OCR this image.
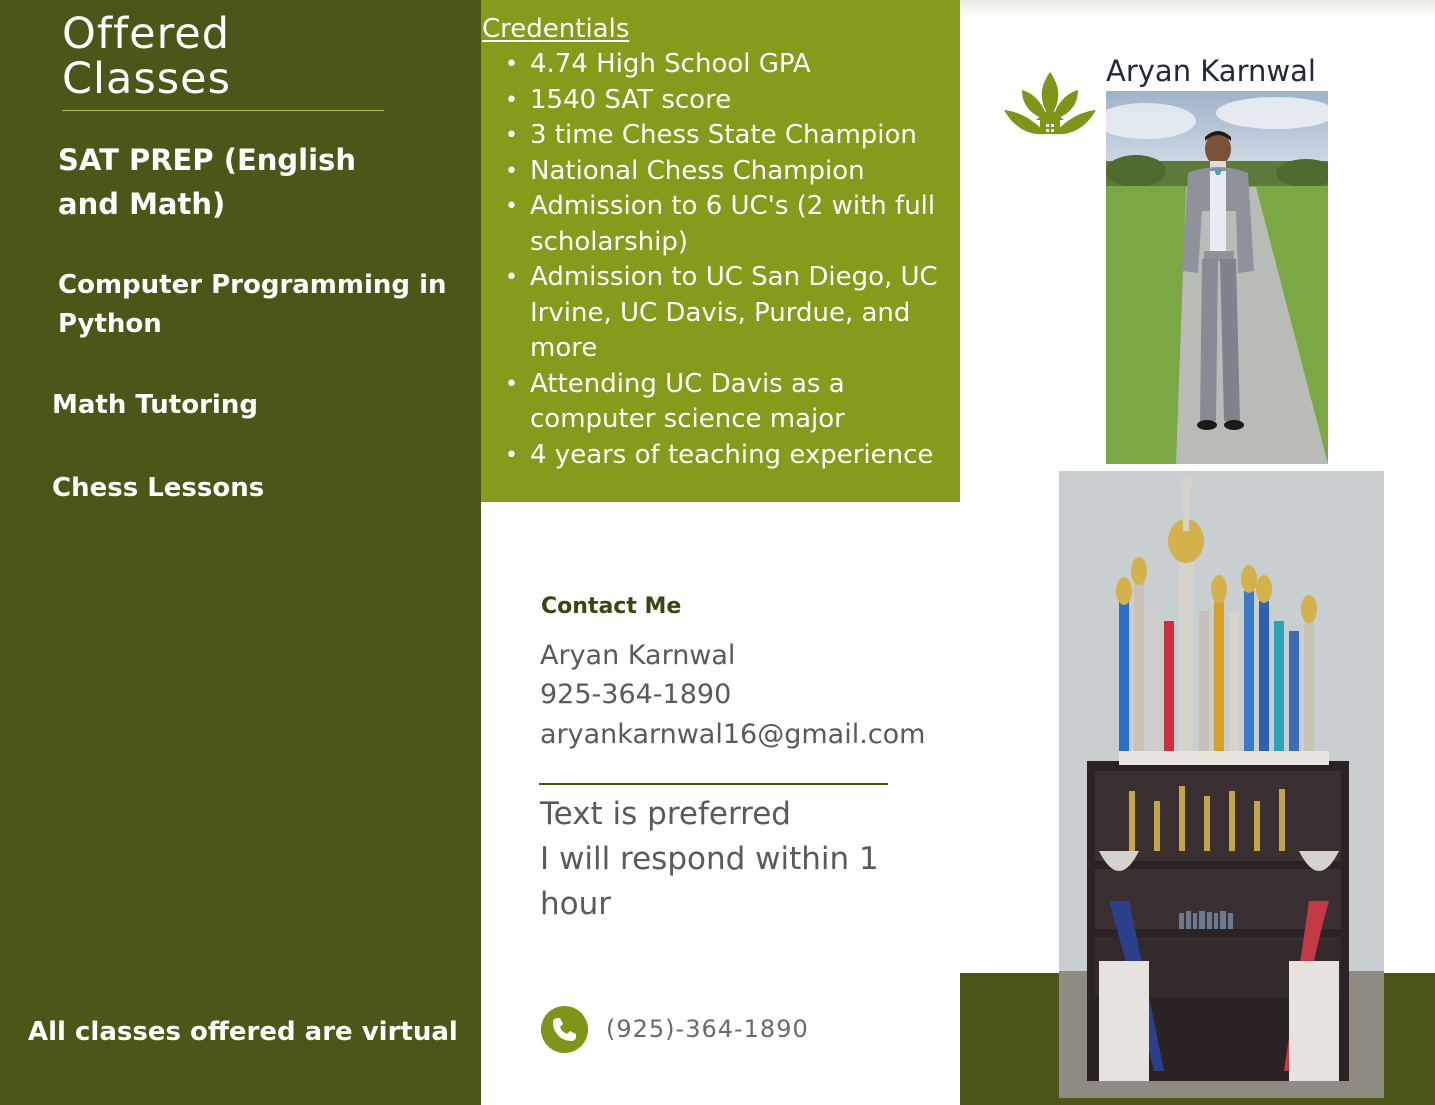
Offered
Classes
SAT PREP (English and Math)
Computer Programming in Python
Math Tutoring
Chess Lessons
All classes offered are virtual
Credentials
• 4.74 High School GPA
• 1540 SAT score
• 3 time Chess State Champion
• National Chess Champion
• Admission to 6 UC's (2 with full scholarship)
• Admission to UC San Diego, UC Irvine, UC Davis, Purdue, and more
• Attending UC Davis as a computer science major
• 4 years of teaching experience
Aryan Karnwal
Contact Me
Aryan Karnwal
925-364-1890
aryankarnwal16@gmail.com
Text is preferred
I will respond within 1
hour
(925)-364-1890
